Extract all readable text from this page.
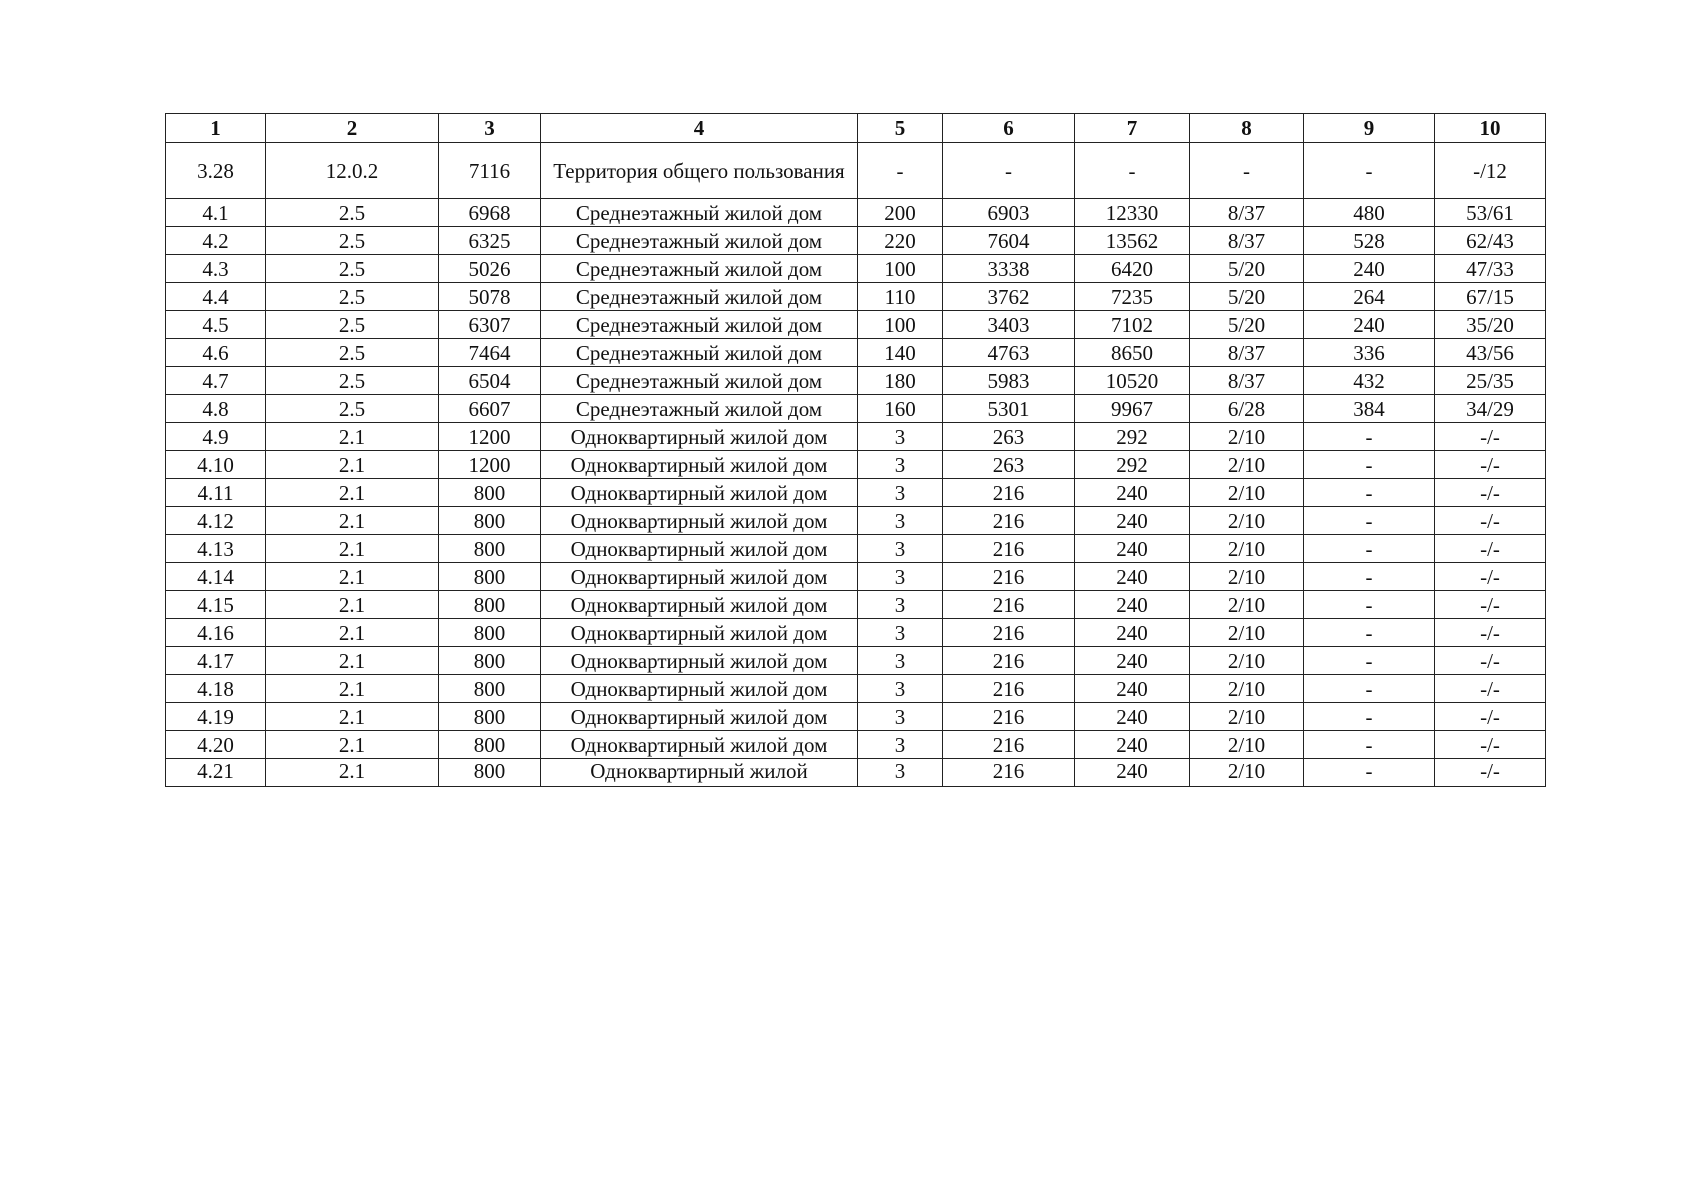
1	2	3	4	5	6	7	8	9	10
3.28	12.0.2	7116	Территория общего пользования	-	-	-	-	-	-/12
4.1	2.5	6968	Среднеэтажный жилой дом	200	6903	12330	8/37	480	53/61
4.2	2.5	6325	Среднеэтажный жилой дом	220	7604	13562	8/37	528	62/43
4.3	2.5	5026	Среднеэтажный жилой дом	100	3338	6420	5/20	240	47/33
4.4	2.5	5078	Среднеэтажный жилой дом	110	3762	7235	5/20	264	67/15
4.5	2.5	6307	Среднеэтажный жилой дом	100	3403	7102	5/20	240	35/20
4.6	2.5	7464	Среднеэтажный жилой дом	140	4763	8650	8/37	336	43/56
4.7	2.5	6504	Среднеэтажный жилой дом	180	5983	10520	8/37	432	25/35
4.8	2.5	6607	Среднеэтажный жилой дом	160	5301	9967	6/28	384	34/29
4.9	2.1	1200	Одноквартирный жилой дом	3	263	292	2/10	-	-/-
4.10	2.1	1200	Одноквартирный жилой дом	3	263	292	2/10	-	-/-
4.11	2.1	800	Одноквартирный жилой дом	3	216	240	2/10	-	-/-
4.12	2.1	800	Одноквартирный жилой дом	3	216	240	2/10	-	-/-
4.13	2.1	800	Одноквартирный жилой дом	3	216	240	2/10	-	-/-
4.14	2.1	800	Одноквартирный жилой дом	3	216	240	2/10	-	-/-
4.15	2.1	800	Одноквартирный жилой дом	3	216	240	2/10	-	-/-
4.16	2.1	800	Одноквартирный жилой дом	3	216	240	2/10	-	-/-
4.17	2.1	800	Одноквартирный жилой дом	3	216	240	2/10	-	-/-
4.18	2.1	800	Одноквартирный жилой дом	3	216	240	2/10	-	-/-
4.19	2.1	800	Одноквартирный жилой дом	3	216	240	2/10	-	-/-
4.20	2.1	800	Одноквартирный жилой дом	3	216	240	2/10	-	-/-
4.21	2.1	800	Одноквартирный жилой	3	216	240	2/10	-	-/-
